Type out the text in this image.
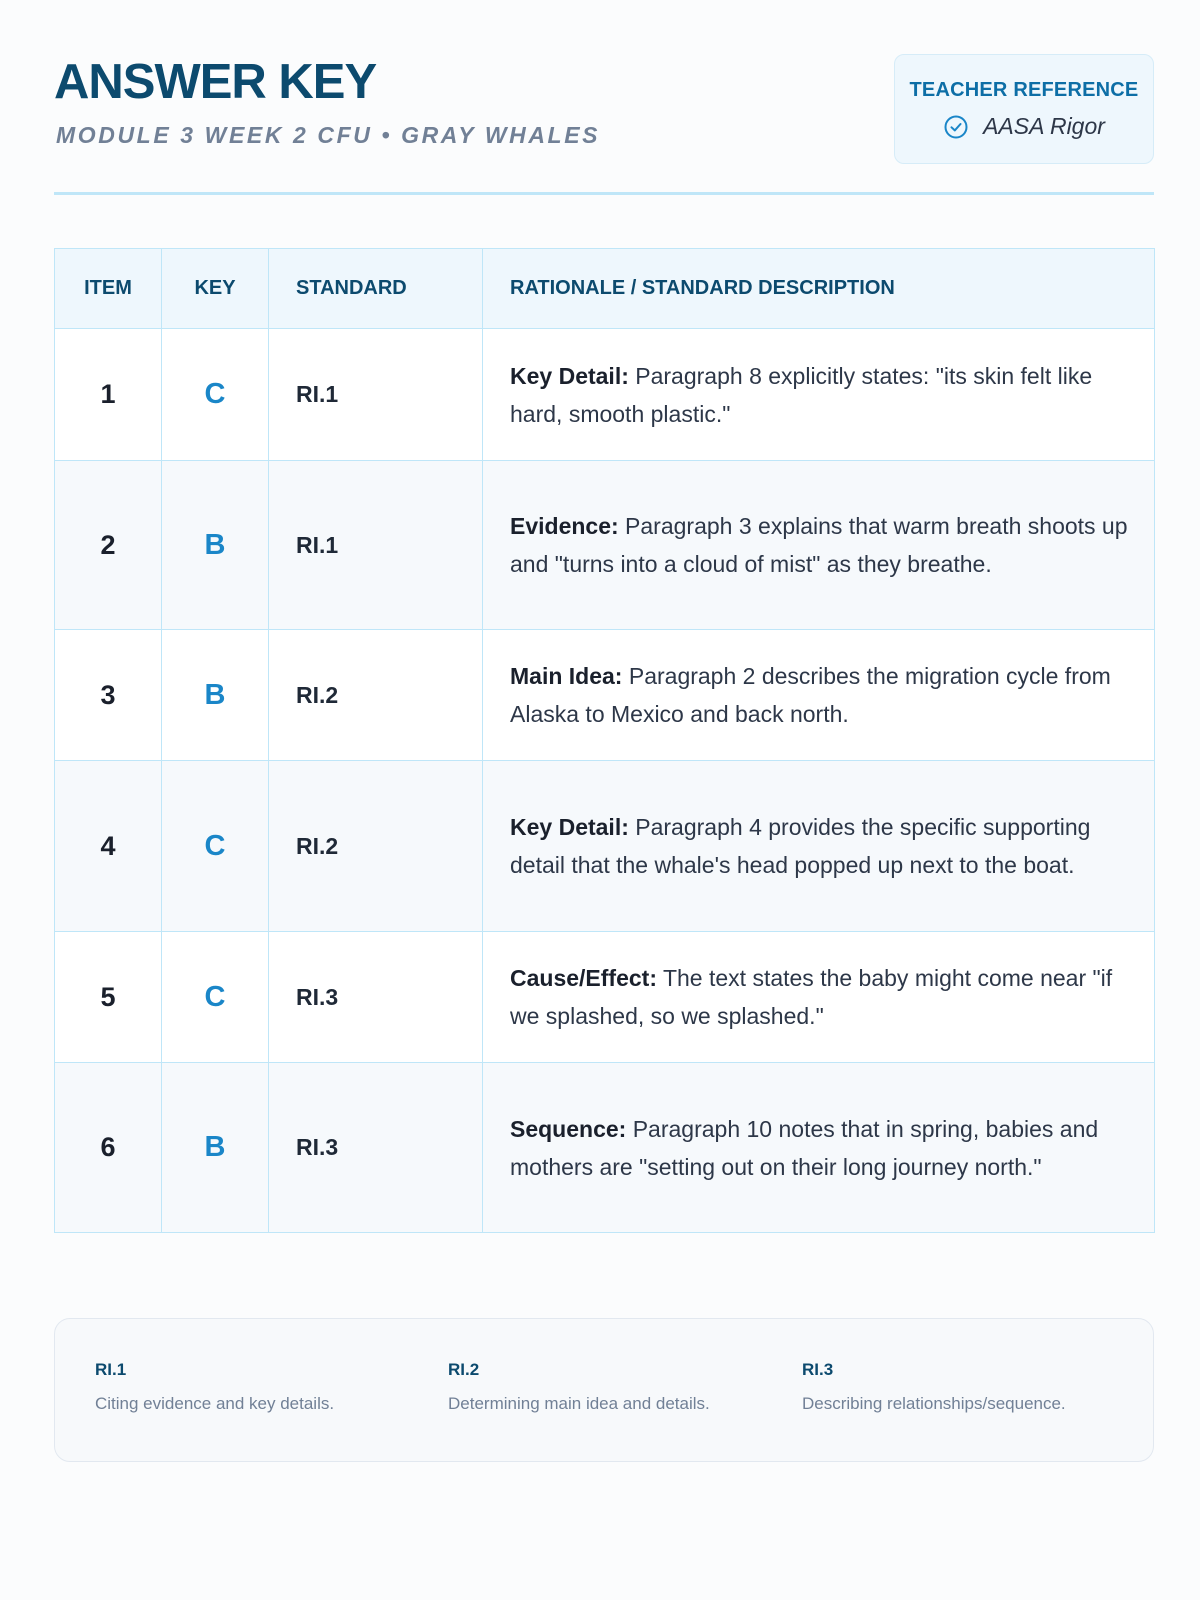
ANSWER KEY
MODULE 3 WEEK 2 CFU • GRAY WHALES
TEACHER REFERENCE
AASA Rigor
ITEM	KEY	STANDARD	RATIONALE / STANDARD DESCRIPTION
1	C	RI.1	Key Detail: Paragraph 8 explicitly states: "its skin felt like hard, smooth plastic."
2	B	RI.1	Evidence: Paragraph 3 explains that warm breath shoots up and "turns into a cloud of mist" as they breathe.
3	B	RI.2	Main Idea: Paragraph 2 describes the migration cycle from Alaska to Mexico and back north.
4	C	RI.2	Key Detail: Paragraph 4 provides the specific supporting detail that the whale's head popped up next to the boat.
5	C	RI.3	Cause/Effect: The text states the baby might come near "if we splashed, so we splashed."
6	B	RI.3	Sequence: Paragraph 10 notes that in spring, babies and mothers are "setting out on their long journey north."
RI.1
Citing evidence and key details.
RI.2
Determining main idea and details.
RI.3
Describing relationships/sequence.
